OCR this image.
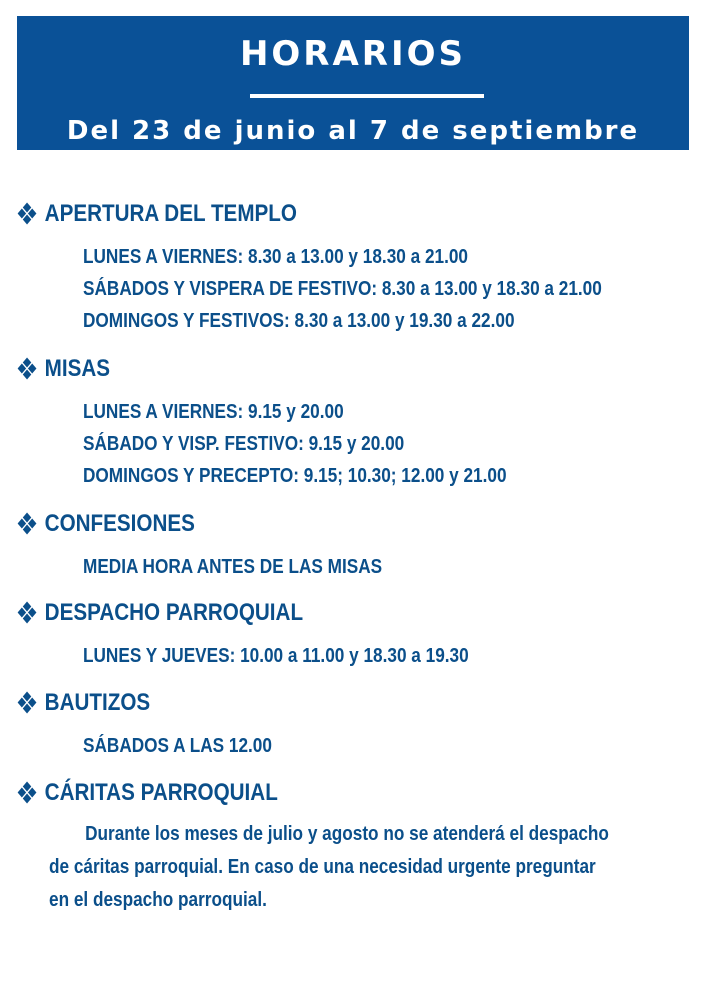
HORARIOS
Del 23 de junio al 7 de septiembre
APERTURA DEL TEMPLO
LUNES A VIERNES: 8.30 a 13.00 y 18.30 a 21.00
SÁBADOS Y VISPERA DE FESTIVO: 8.30 a 13.00 y 18.30 a 21.00
DOMINGOS Y FESTIVOS: 8.30 a 13.00 y 19.30 a 22.00
MISAS
LUNES A VIERNES: 9.15 y 20.00
SÁBADO Y VISP. FESTIVO: 9.15 y 20.00
DOMINGOS Y PRECEPTO: 9.15; 10.30; 12.00 y 21.00
CONFESIONES
MEDIA HORA ANTES DE LAS MISAS
DESPACHO PARROQUIAL
LUNES Y JUEVES: 10.00 a 11.00 y 18.30 a 19.30
BAUTIZOS
SÁBADOS A LAS 12.00
CÁRITAS PARROQUIAL
Durante los meses de julio y agosto no se atenderá el despacho
de cáritas parroquial. En caso de una necesidad urgente preguntar
en el despacho parroquial.
